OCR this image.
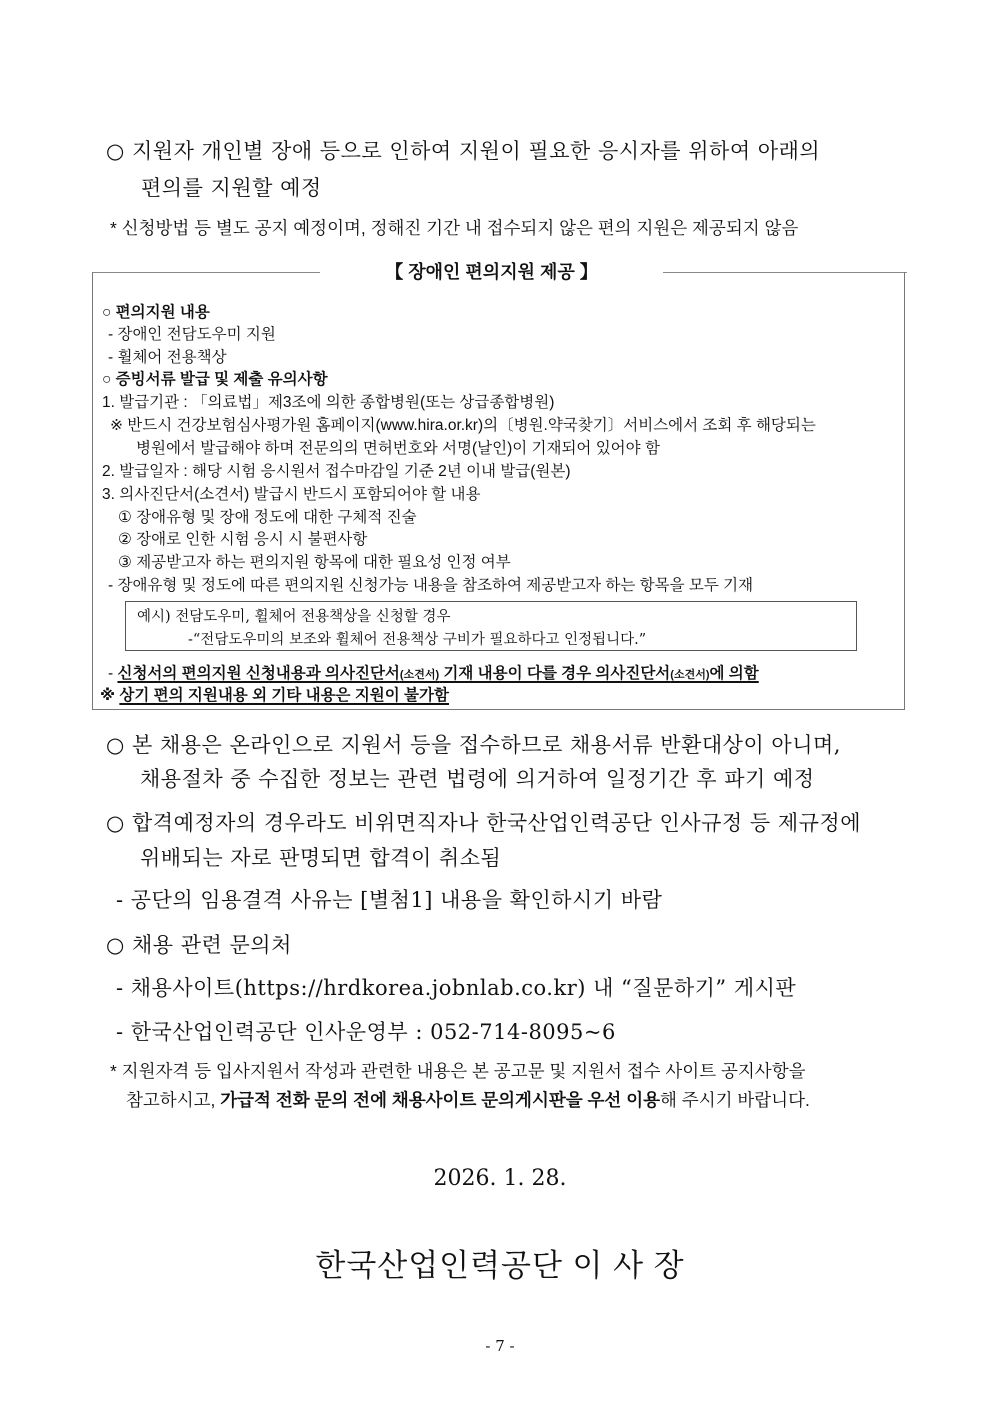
○ 지원자 개인별 장애 등으로 인하여 지원이 필요한 응시자를 위하여 아래의
편의를 지원할 예정
* 신청방법 등 별도 공지 예정이며, 정해진 기간 내 접수되지 않은 편의 지원은 제공되지 않음
【 장애인 편의지원 제공 】
○ 편의지원 내용
- 장애인 전담도우미 지원
- 휠체어 전용책상
○ 증빙서류 발급 및 제출 유의사항
1. 발급기관 : 「의료법」제3조에 의한 종합병원(또는 상급종합병원)
※ 반드시 건강보험심사평가원 홈페이지(www.hira.or.kr)의〔병원.약국찾기〕서비스에서 조회 후 해당되는
병원에서 발급해야 하며 전문의의 면허번호와 서명(날인)이 기재되어 있어야 함
2. 발급일자 : 해당 시험 응시원서 접수마감일 기준 2년 이내 발급(원본)
3. 의사진단서(소견서) 발급시 반드시 포함되어야 할 내용
① 장애유형 및 장애 정도에 대한 구체적 진술
② 장애로 인한 시험 응시 시 불편사항
③ 제공받고자 하는 편의지원 항목에 대한 필요성 인정 여부
- 장애유형 및 정도에 따른 편의지원 신청가능 내용을 참조하여 제공받고자 하는 항목을 모두 기재
예시) 전담도우미, 휠체어 전용책상을 신청할 경우
-“전담도우미의 보조와 휠체어 전용책상 구비가 필요하다고 인정됩니다.”
- 신청서의 편의지원 신청내용과 의사진단서(소견서) 기재 내용이 다를 경우 의사진단서(소견서)에 의함
※ 상기 편의 지원내용 외 기타 내용은 지원이 불가함
○ 본 채용은 온라인으로 지원서 등을 접수하므로 채용서류 반환대상이 아니며,
채용절차 중 수집한 정보는 관련 법령에 의거하여 일정기간 후 파기 예정
○ 합격예정자의 경우라도 비위면직자나 한국산업인력공단 인사규정 등 제규정에
위배되는 자로 판명되면 합격이 취소됨
- 공단의 임용결격 사유는 [별첨1] 내용을 확인하시기 바람
○ 채용 관련 문의처
- 채용사이트(https://hrdkorea.jobnlab.co.kr) 내 “질문하기” 게시판
- 한국산업인력공단 인사운영부 : 052-714-8095~6
* 지원자격 등 입사지원서 작성과 관련한 내용은 본 공고문 및 지원서 접수 사이트 공지사항을
참고하시고, 가급적 전화 문의 전에 채용사이트 문의게시판을 우선 이용해 주시기 바랍니다.
2026. 1. 28.
한국산업인력공단 이 사 장
- 7 -
